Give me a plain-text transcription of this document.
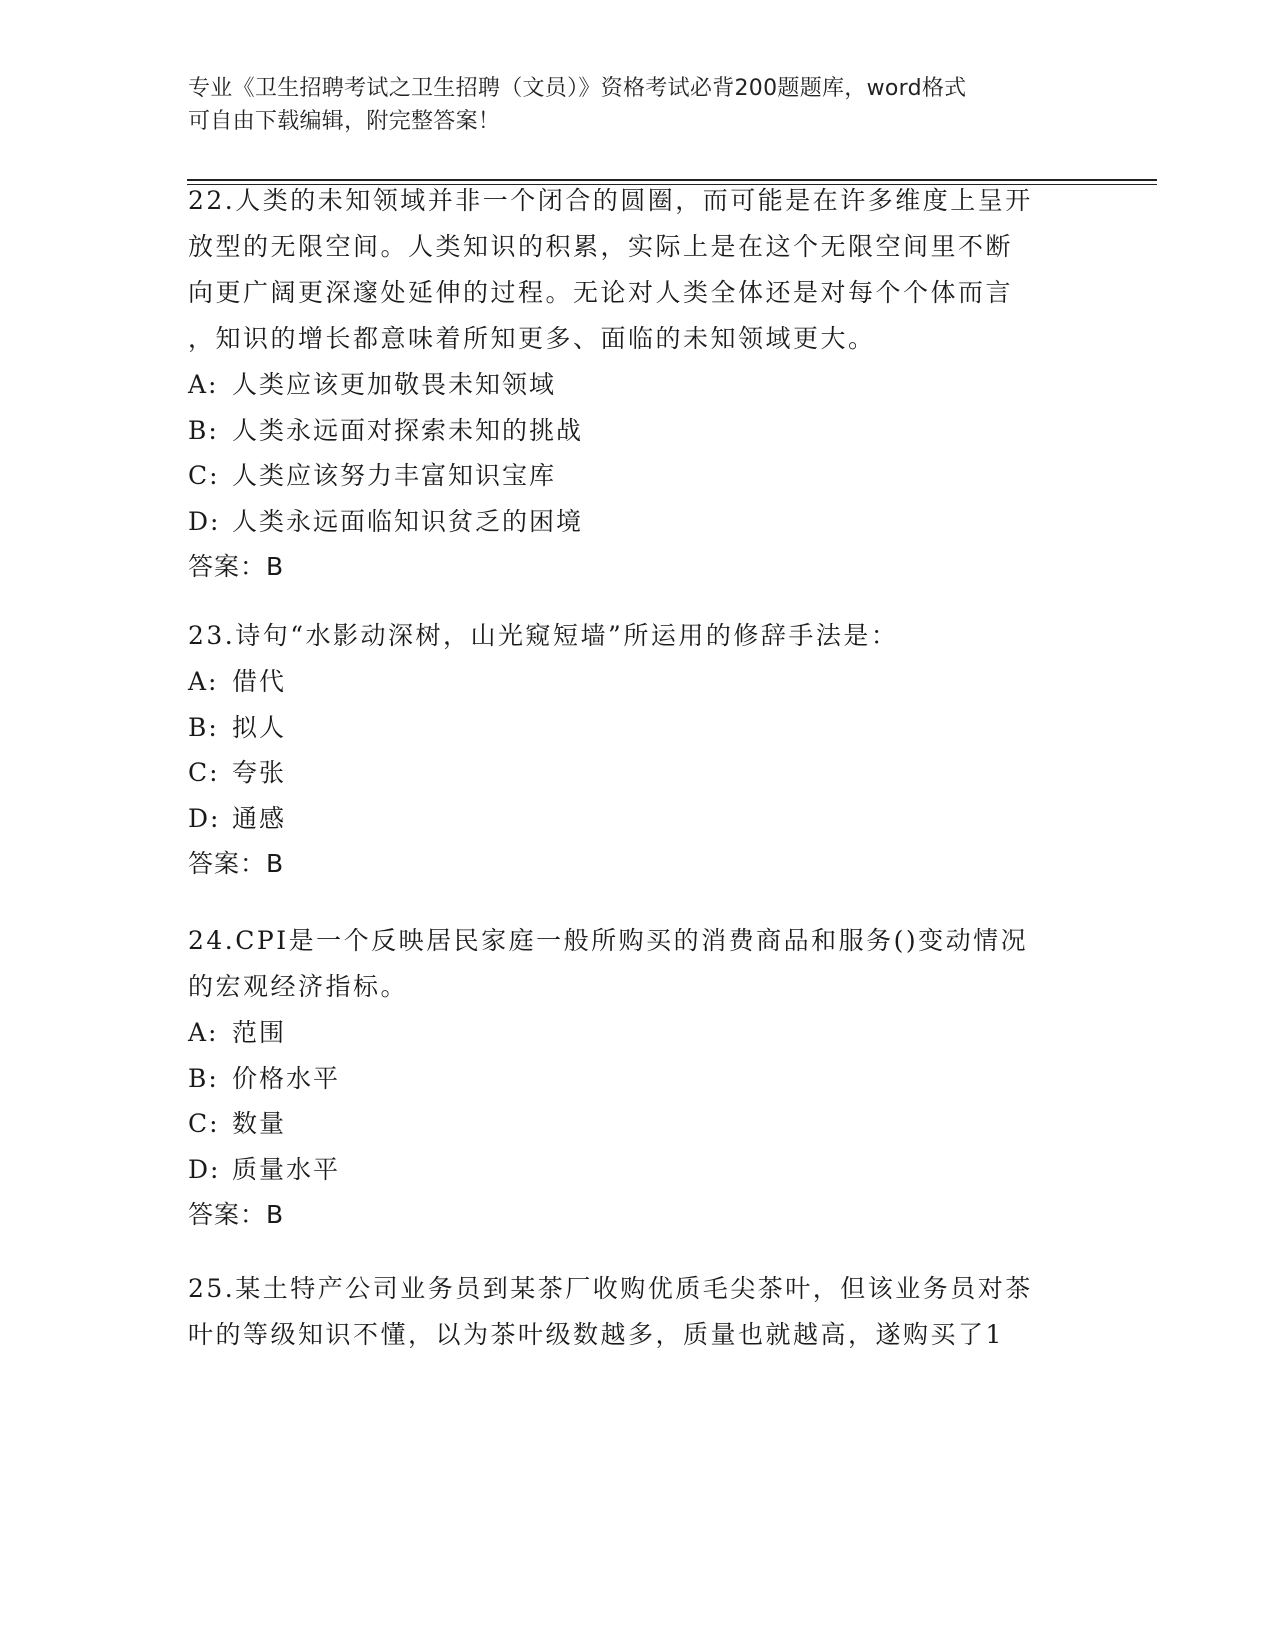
专业《卫生招聘考试之卫生招聘（文员）》资格考试必背200题题库，word格式
可自由下载编辑，附完整答案！

22.人类的未知领域并非一个闭合的圆圈，而可能是在许多维度上呈开

放型的无限空间。人类知识的积累，实际上是在这个无限空间里不断

向更广阔更深邃处延伸的过程。无论对人类全体还是对每个个体而言

，知识的增长都意味着所知更多、面临的未知领域更大。

A: 人类应该更加敬畏未知领域

B: 人类永远面对探索未知的挑战

C: 人类应该努力丰富知识宝库

D: 人类永远面临知识贫乏的困境

答案：B

23.诗句“水影动深树，山光窥短墙”所运用的修辞手法是：

A: 借代

B: 拟人

C: 夸张

D: 通感

答案：B

24.CPI是一个反映居民家庭一般所购买的消费商品和服务()变动情况

的宏观经济指标。

A: 范围

B: 价格水平

C: 数量

D: 质量水平

答案：B

25.某土特产公司业务员到某茶厂收购优质毛尖茶叶，但该业务员对茶

叶的等级知识不懂，以为茶叶级数越多，质量也就越高，遂购买了1
